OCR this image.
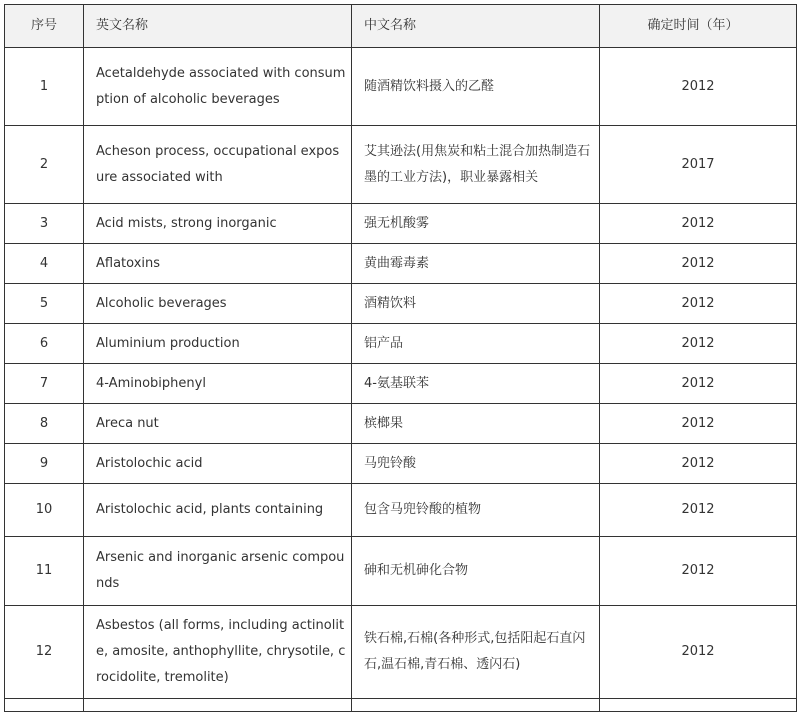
序号	英文名称	中文名称	确定时间（年）
1	Acetaldehyde associated with consumption of alcoholic beverages	随酒精饮料摄入的乙醛	2012
2	Acheson process, occupational exposure associated with	艾其逊法(用焦炭和粘土混合加热制造石墨的工业方法)，职业暴露相关	2017
3	Acid mists, strong inorganic	强无机酸雾	2012
4	Aflatoxins	黄曲霉毒素	2012
5	Alcoholic beverages	酒精饮料	2012
6	Aluminium production	铝产品	2012
7	4-Aminobiphenyl	4-氨基联苯	2012
8	Areca nut	槟榔果	2012
9	Aristolochic acid	马兜铃酸	2012
10	Aristolochic acid, plants containing	包含马兜铃酸的植物	2012
11	Arsenic and inorganic arsenic compounds	砷和无机砷化合物	2012
12	Asbestos (all forms, including actinolite, amosite, anthophyllite, chrysotile, crocidolite, tremolite)	铁石棉,石棉(各种形式,包括阳起石直闪石,温石棉,青石棉、透闪石)	2012
